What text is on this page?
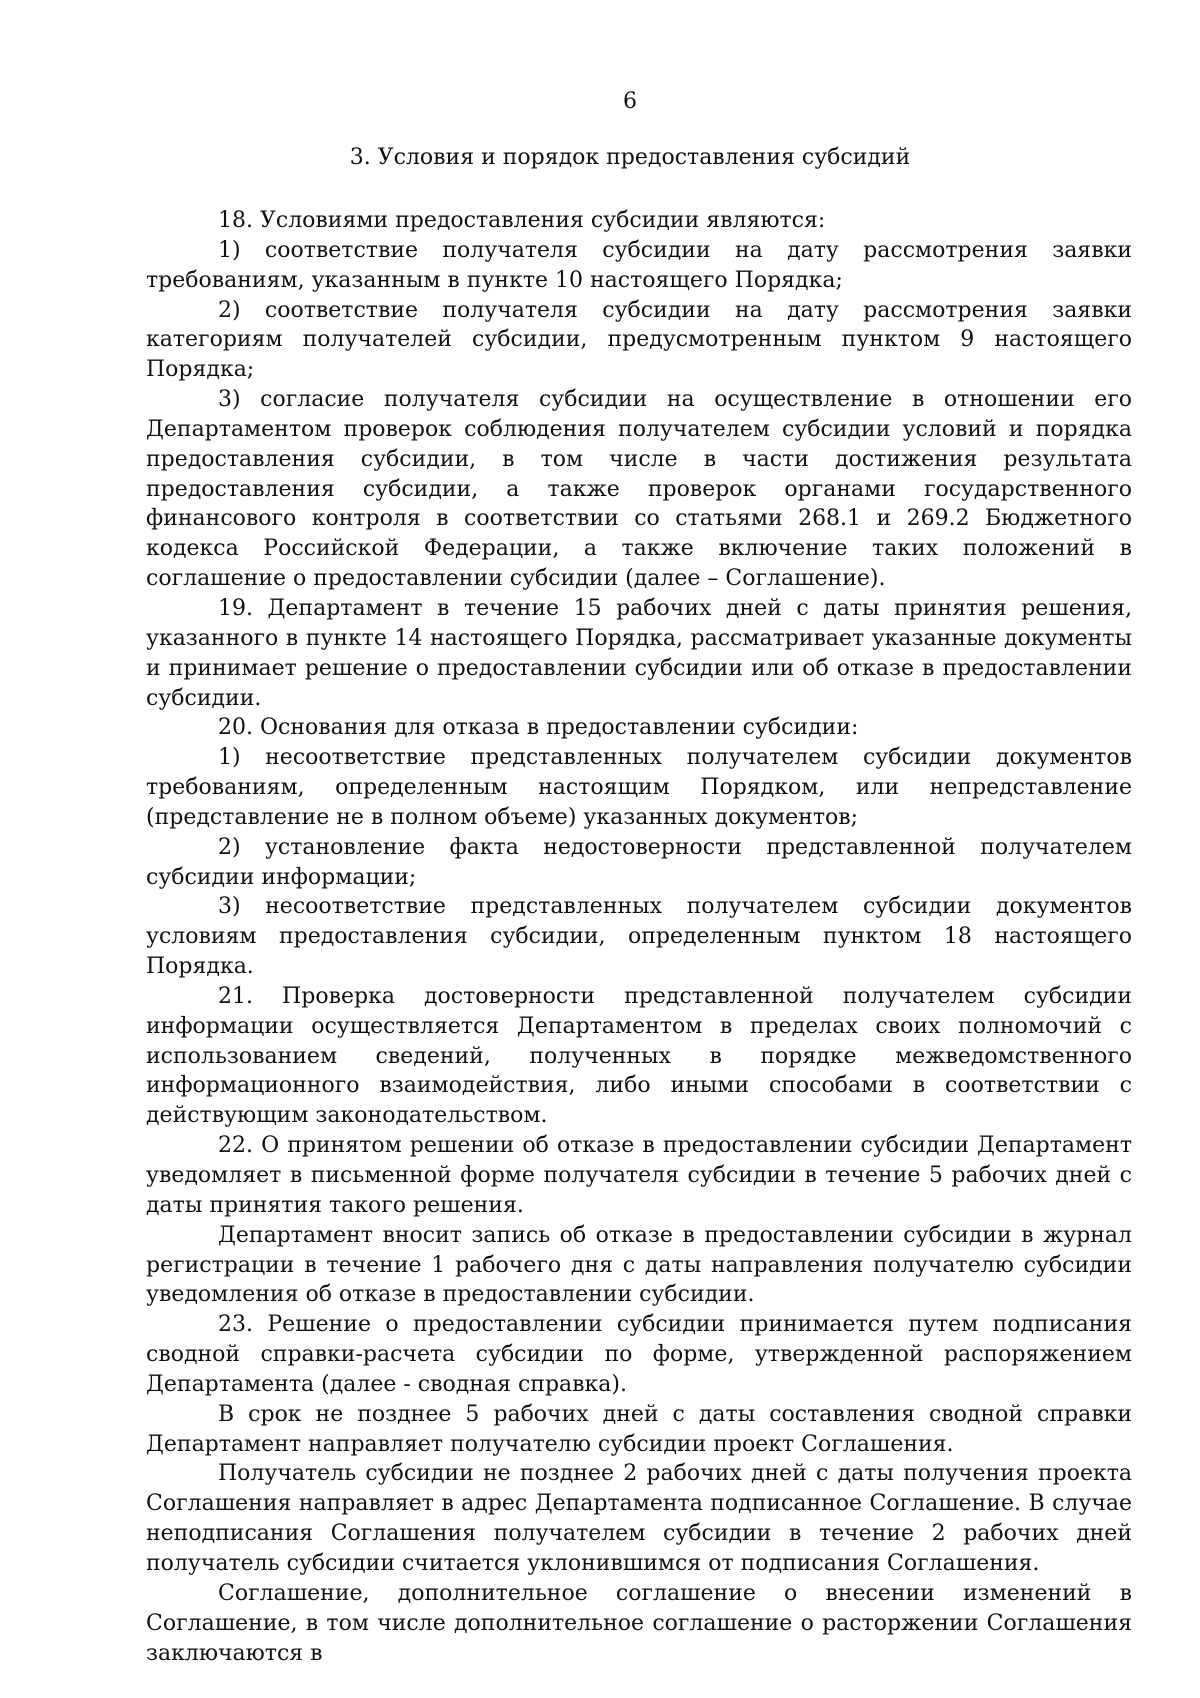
6
3. Условия и порядок предоставления субсидий

18. Условиями предоставления субсидии являются:

1) соответствие получателя субсидии на дату рассмотрения заявки требованиям, указанным в пункте 10 настоящего Порядка;

2) соответствие получателя субсидии на дату рассмотрения заявки категориям получателей субсидии, предусмотренным пунктом 9 настоящего Порядка;

3) согласие получателя субсидии на осуществление в отношении его Департаментом проверок соблюдения получателем субсидии условий и порядка предоставления субсидии, в том числе в части достижения результата предоставления субсидии, а также проверок органами государственного финансового контроля в соответствии со статьями 268.1 и 269.2 Бюджетного кодекса Российской Федерации, а также включение таких положений в соглашение о предоставлении субсидии (далее – Соглашение).

19. Департамент в течение 15 рабочих дней с даты принятия решения, указанного в пункте 14 настоящего Порядка, рассматривает указанные документы и принимает решение о предоставлении субсидии или об отказе в предоставлении субсидии.

20. Основания для отказа в предоставлении субсидии:

1) несоответствие представленных получателем субсидии документов требованиям, определенным настоящим Порядком, или непредставление (представление не в полном объеме) указанных документов;

2) установление факта недостоверности представленной получателем субсидии информации;

3) несоответствие представленных получателем субсидии документов условиям предоставления субсидии, определенным пунктом 18 настоящего Порядка.

21. Проверка достоверности представленной получателем субсидии информации осуществляется Департаментом в пределах своих полномочий с использованием сведений, полученных в порядке межведомственного информационного взаимодействия, либо иными способами в соответствии с действующим законодательством.

22. О принятом решении об отказе в предоставлении субсидии Департамент уведомляет в письменной форме получателя субсидии в течение 5 рабочих дней с даты принятия такого решения.

Департамент вносит запись об отказе в предоставлении субсидии в журнал регистрации в течение 1 рабочего дня с даты направления получателю субсидии уведомления об отказе в предоставлении субсидии.

23. Решение о предоставлении субсидии принимается путем подписания сводной справки-расчета субсидии по форме, утвержденной распоряжением Департамента (далее - сводная справка).

В срок не позднее 5 рабочих дней с даты составления сводной справки Департамент направляет получателю субсидии проект Соглашения.

Получатель субсидии не позднее 2 рабочих дней с даты получения проекта Соглашения направляет в адрес Департамента подписанное Соглашение. В случае неподписания Соглашения получателем субсидии в течение 2 рабочих дней получатель субсидии считается уклонившимся от подписания Соглашения.

Соглашение, дополнительное соглашение о внесении изменений в Соглашение, в том числе дополнительное соглашение о расторжении Соглашения заключаются в
